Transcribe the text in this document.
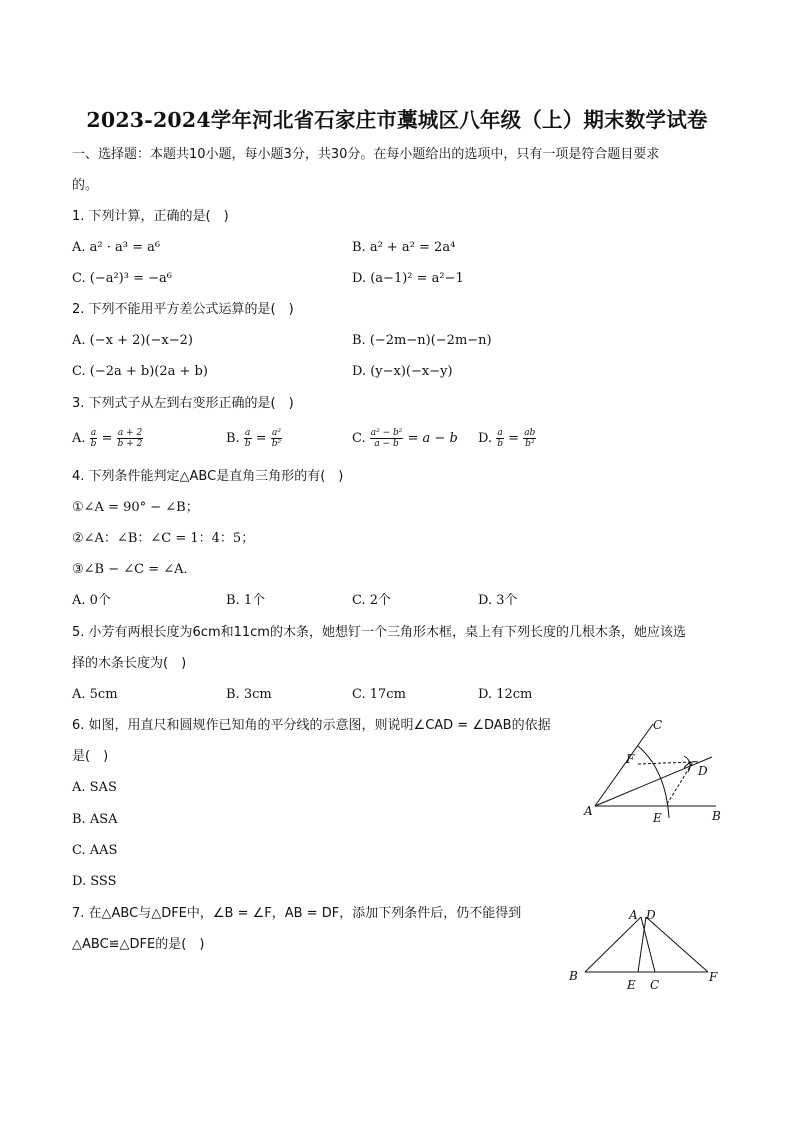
2023-2024学年河北省石家庄市藁城区八年级（上）期末数学试卷
一、选择题：本题共10小题，每小题3分，共30分。在每小题给出的选项中，只有一项是符合题目要求
的。
1. 下列计算，正确的是(　)
A. a² · a³ = a⁶	B. a² + a² = 2a⁴
C. (−a²)³ = −a⁶	D. (a−1)² = a²−1
2. 下列不能用平方差公式运算的是(　)
A. (−x + 2)(−x−2)	B. (−2m−n)(−2m−n)
C. (−2a + b)(2a + b)	D. (y−x)(−x−y)
3. 下列式子从左到右变形正确的是(　)
A. $\frac{a}{b} = \frac{a + 2}{b + 2}$	B. $\frac{a}{b} = \frac{\text{a²}}{\text{b²}}$	C. $\frac{\text{a² − b²}}{a - b} = a - b$ D. $\frac{a}{b} = \frac{ab}{\text{b²}}$
4. 下列条件能判定△ABC是直角三角形的有(　)
①∠A = 90° − ∠B；
②∠A：∠B：∠C = 1：4：5；
③∠B − ∠C = ∠A．
A. 0个	B. 1个	C. 2个	D. 3个
5. 小芳有两根长度为6cm和11cm的木条，她想钉一个三角形木框，桌上有下列长度的几根木条，她应该选
择的木条长度为(　)
A. 5cm	B. 3cm	C. 17cm	D. 12cm
6. 如图，用直尺和圆规作已知角的平分线的示意图，则说明∠CAD = ∠DAB的依据
是(　)
A. SAS
B. ASA
C. AAS
D. SSS
A	B
C
D
E
F
7. 在△ABC与△DFE中，∠B = ∠F，AB = DF，添加下列条件后，仍不能得到
△ABC≌△DFE的是(　)
A D
B
E C
F
